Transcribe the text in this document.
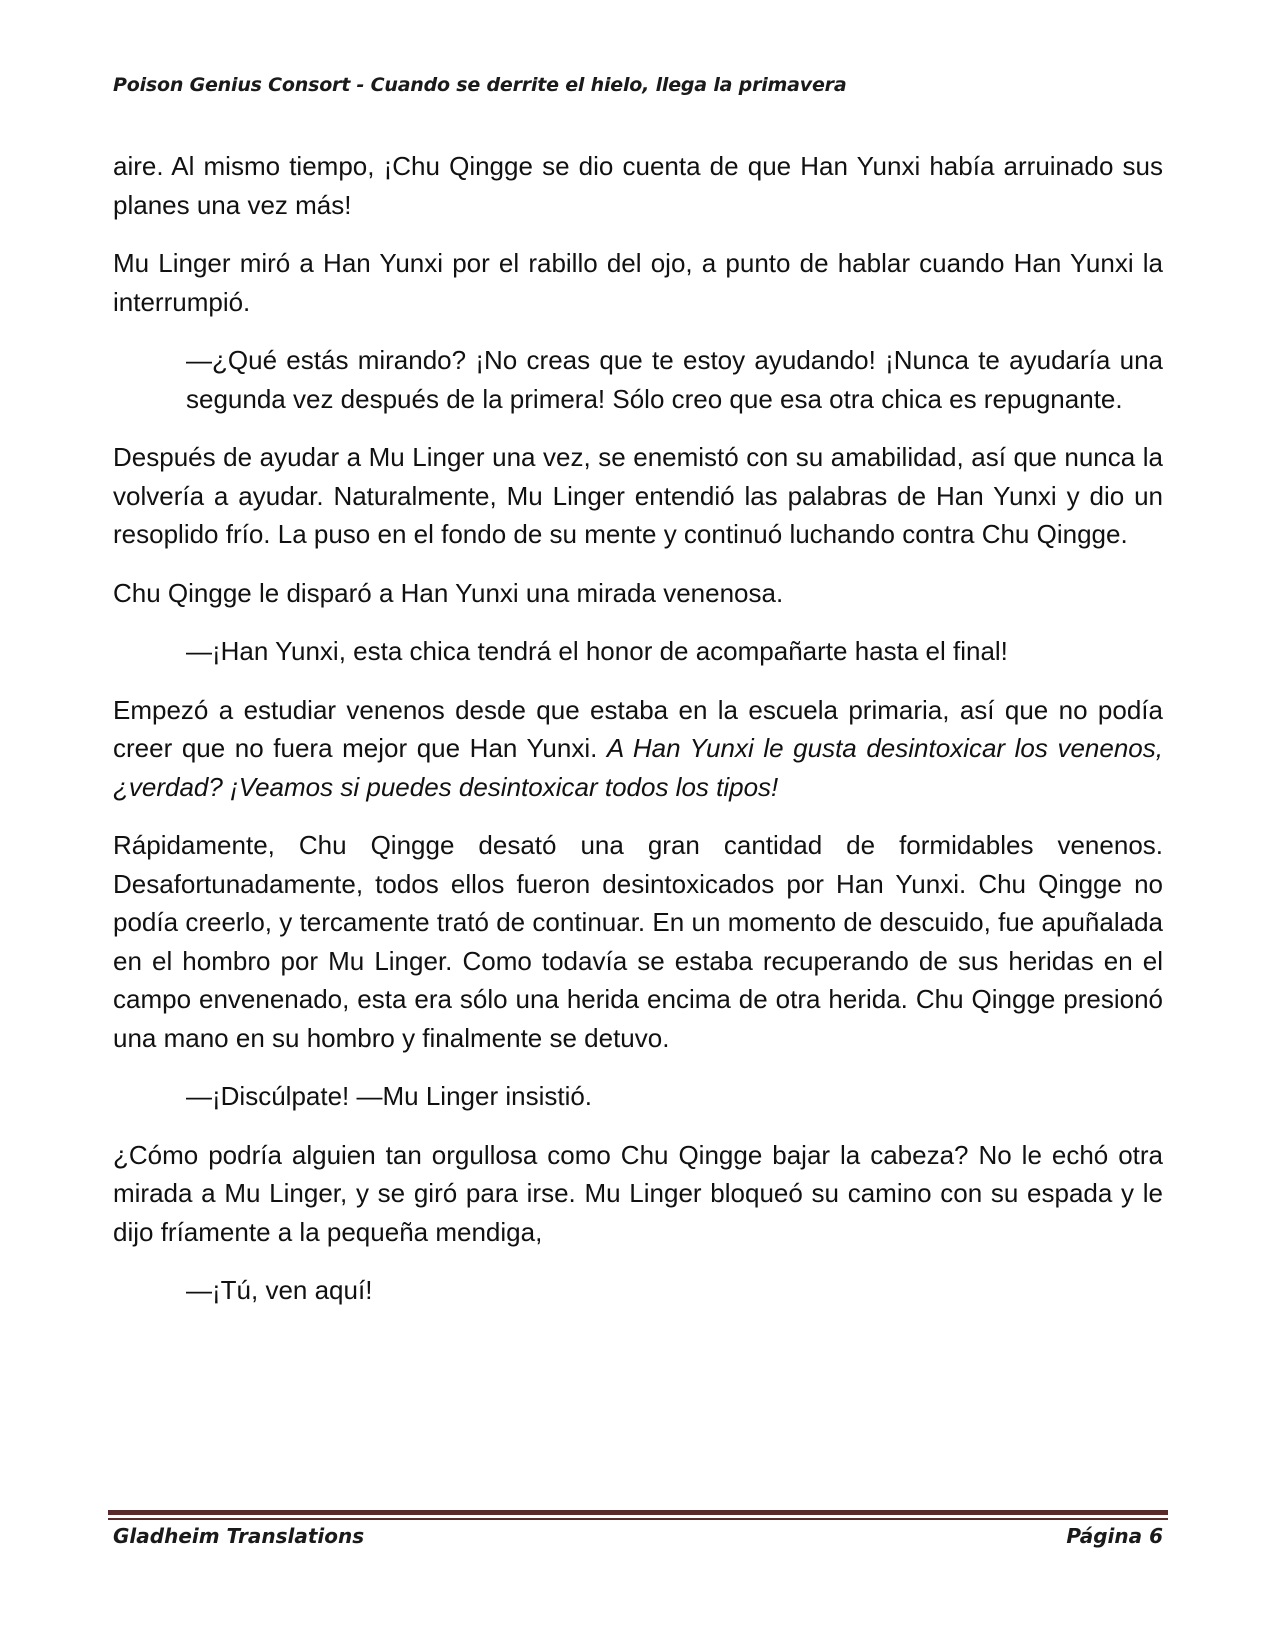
Poison Genius Consort - Cuando se derrite el hielo, llega la primavera

aire. Al mismo tiempo, ¡Chu Qingge se dio cuenta de que Han Yunxi había arruinado sus planes una vez más!

Mu Linger miró a Han Yunxi por el rabillo del ojo, a punto de hablar cuando Han Yunxi la interrumpió.

—¿Qué estás mirando? ¡No creas que te estoy ayudando! ¡Nunca te ayudaría una segunda vez después de la primera! Sólo creo que esa otra chica es repugnante.

Después de ayudar a Mu Linger una vez, se enemistó con su amabilidad, así que nunca la volvería a ayudar. Naturalmente, Mu Linger entendió las palabras de Han Yunxi y dio un resoplido frío. La puso en el fondo de su mente y continuó luchando contra Chu Qingge.

Chu Qingge le disparó a Han Yunxi una mirada venenosa.

—¡Han Yunxi, esta chica tendrá el honor de acompañarte hasta el final!

Empezó a estudiar venenos desde que estaba en la escuela primaria, así que no podía creer que no fuera mejor que Han Yunxi. A Han Yunxi le gusta desintoxicar los venenos, ¿verdad? ¡Veamos si puedes desintoxicar todos los tipos!

Rápidamente, Chu Qingge desató una gran cantidad de formidables venenos. Desafortunadamente, todos ellos fueron desintoxicados por Han Yunxi. Chu Qingge no podía creerlo, y tercamente trató de continuar. En un momento de descuido, fue apuñalada en el hombro por Mu Linger. Como todavía se estaba recuperando de sus heridas en el campo envenenado, esta era sólo una herida encima de otra herida. Chu Qingge presionó una mano en su hombro y finalmente se detuvo.

—¡Discúlpate! —Mu Linger insistió.

¿Cómo podría alguien tan orgullosa como Chu Qingge bajar la cabeza? No le echó otra mirada a Mu Linger, y se giró para irse. Mu Linger bloqueó su camino con su espada y le dijo fríamente a la pequeña mendiga,

—¡Tú, ven aquí!

Gladheim Translations	Página 6
